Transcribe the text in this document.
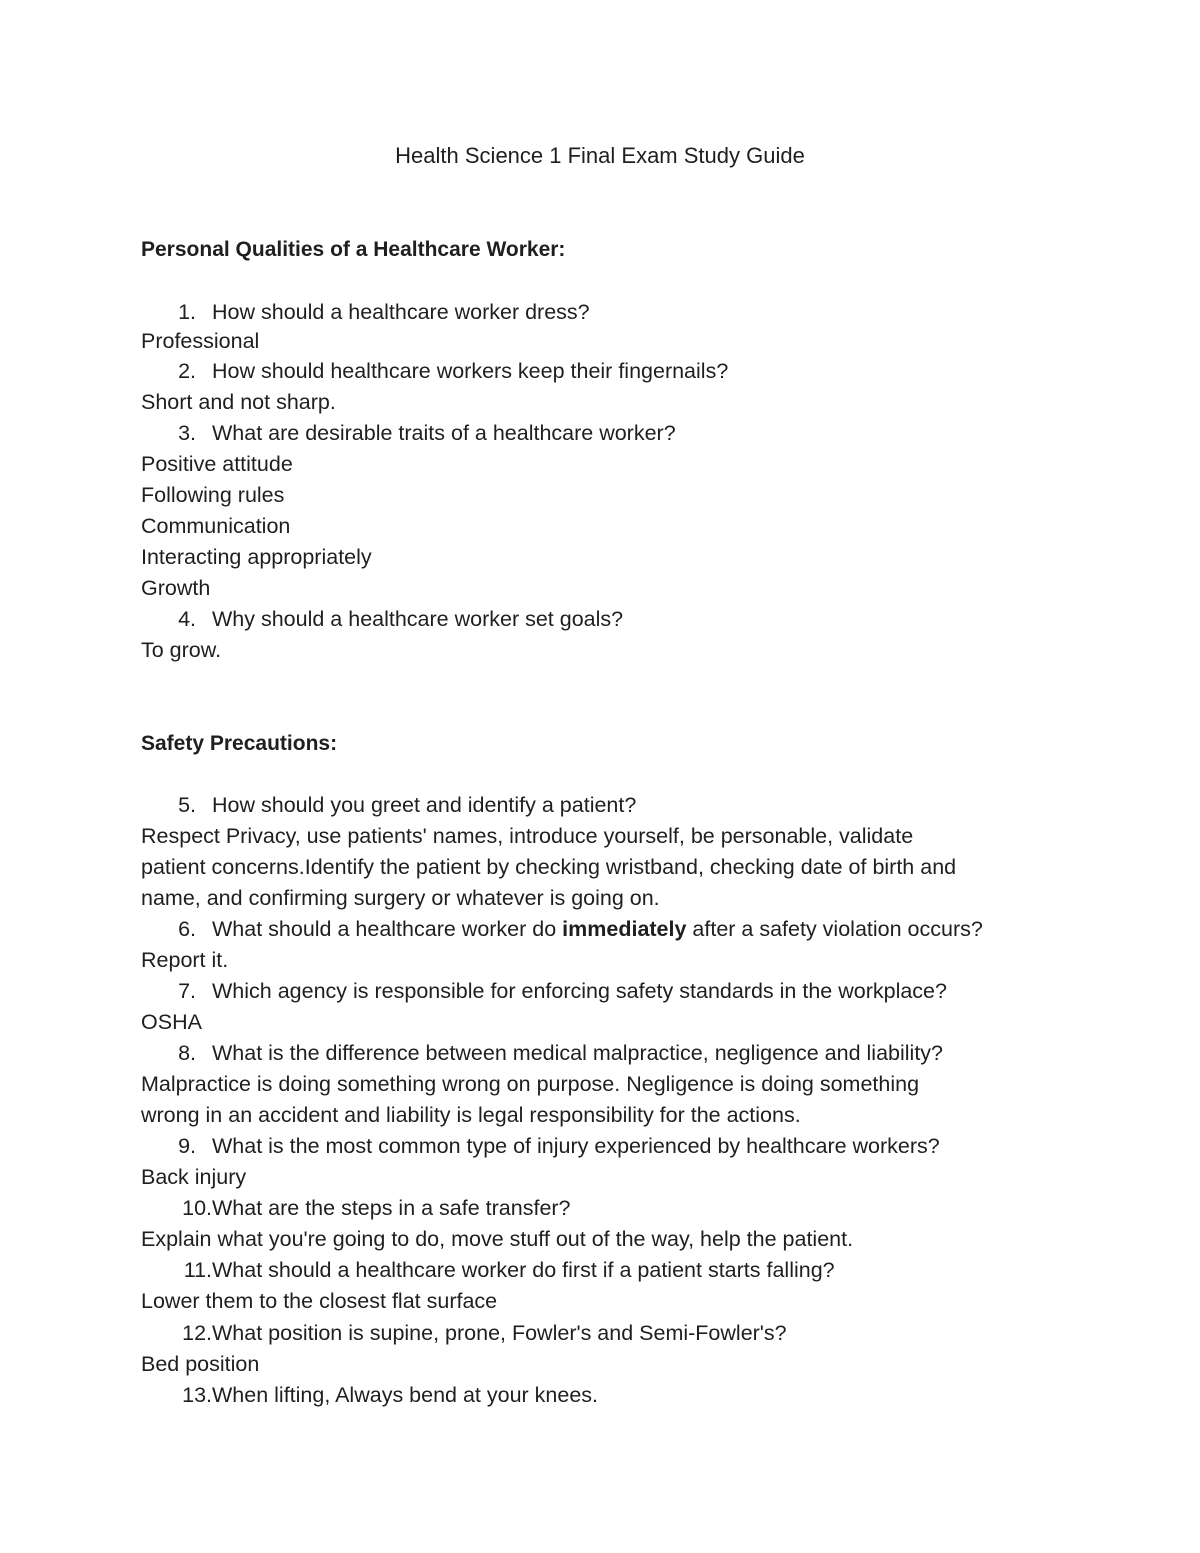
Health Science 1 Final Exam Study Guide
Personal Qualities of a Healthcare Worker:
1. How should a healthcare worker dress?
Professional
2. How should healthcare workers keep their fingernails?
Short and not sharp.
3. What are desirable traits of a healthcare worker?
Positive attitude
Following rules
Communication
Interacting appropriately
Growth
4. Why should a healthcare worker set goals?
To grow.
Safety Precautions:
5. How should you greet and identify a patient?
Respect Privacy, use patients' names, introduce yourself, be personable, validate
patient concerns.Identify the patient by checking wristband, checking date of birth and
name, and confirming surgery or whatever is going on.
6. What should a healthcare worker do immediately after a safety violation occurs?
Report it.
7. Which agency is responsible for enforcing safety standards in the workplace?
OSHA
8. What is the difference between medical malpractice, negligence and liability?
Malpractice is doing something wrong on purpose. Negligence is doing something
wrong in an accident and liability is legal responsibility for the actions.
9. What is the most common type of injury experienced by healthcare workers?
Back injury
10.What are the steps in a safe transfer?
Explain what you're going to do, move stuff out of the way, help the patient.
11.What should a healthcare worker do first if a patient starts falling?
Lower them to the closest flat surface
12.What position is supine, prone, Fowler's and Semi-Fowler's?
Bed position
13.When lifting, Always bend at your knees.
